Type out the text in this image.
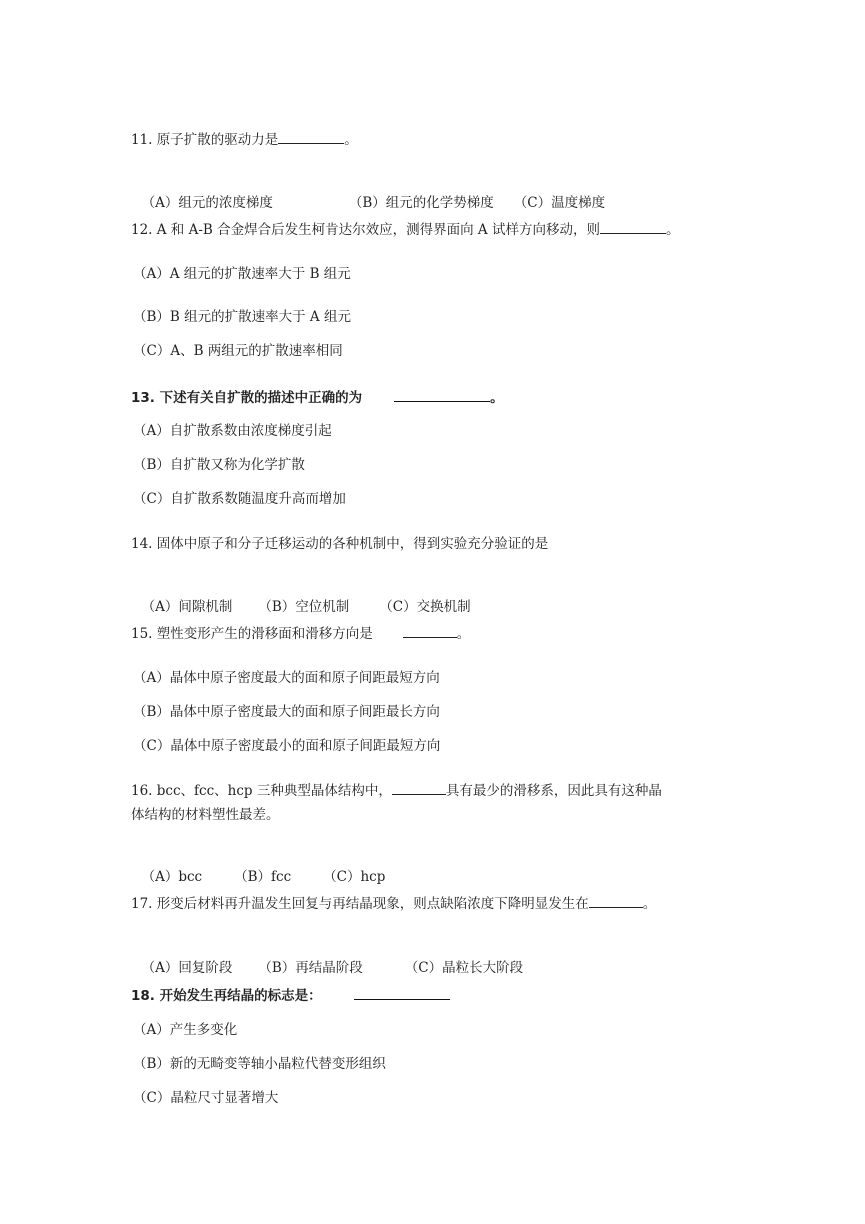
11. 原子扩散的驱动力是	。

（A）组元的浓度梯度	（B）组元的化学势梯度 （C）温度梯度

12. A 和 A-B 合金焊合后发生柯肯达尔效应，测得界面向 A 试样方向移动，则	。
（A）A 组元的扩散速率大于 B 组元
（B）B 组元的扩散速率大于 A 组元
（C）A、B 两组元的扩散速率相同
13. 下述有关自扩散的描述中正确的为	。
（A）自扩散系数由浓度梯度引起
（B）自扩散又称为化学扩散
（C）自扩散系数随温度升高而增加
14. 固体中原子和分子迁移运动的各种机制中，得到实验充分验证的是

（A）间隙机制 （B）空位机制 （C）交换机制

15. 塑性变形产生的滑移面和滑移方向是	。
（A）晶体中原子密度最大的面和原子间距最短方向
（B）晶体中原子密度最大的面和原子间距最长方向
（C）晶体中原子密度最小的面和原子间距最短方向
16. bcc、fcc、hcp 三种典型晶体结构中，	具有最少的滑移系，因此具有这种晶
体结构的材料塑性最差。

（A）bcc （B）fcc （C）hcp

17. 形变后材料再升温发生回复与再结晶现象，则点缺陷浓度下降明显发生在	。

（A）回复阶段 （B）再结晶阶段	（C）晶粒长大阶段

18. 开始发生再结晶的标志是：
（A）产生多变化
（B）新的无畸变等轴小晶粒代替变形组织
（C）晶粒尺寸显著增大
